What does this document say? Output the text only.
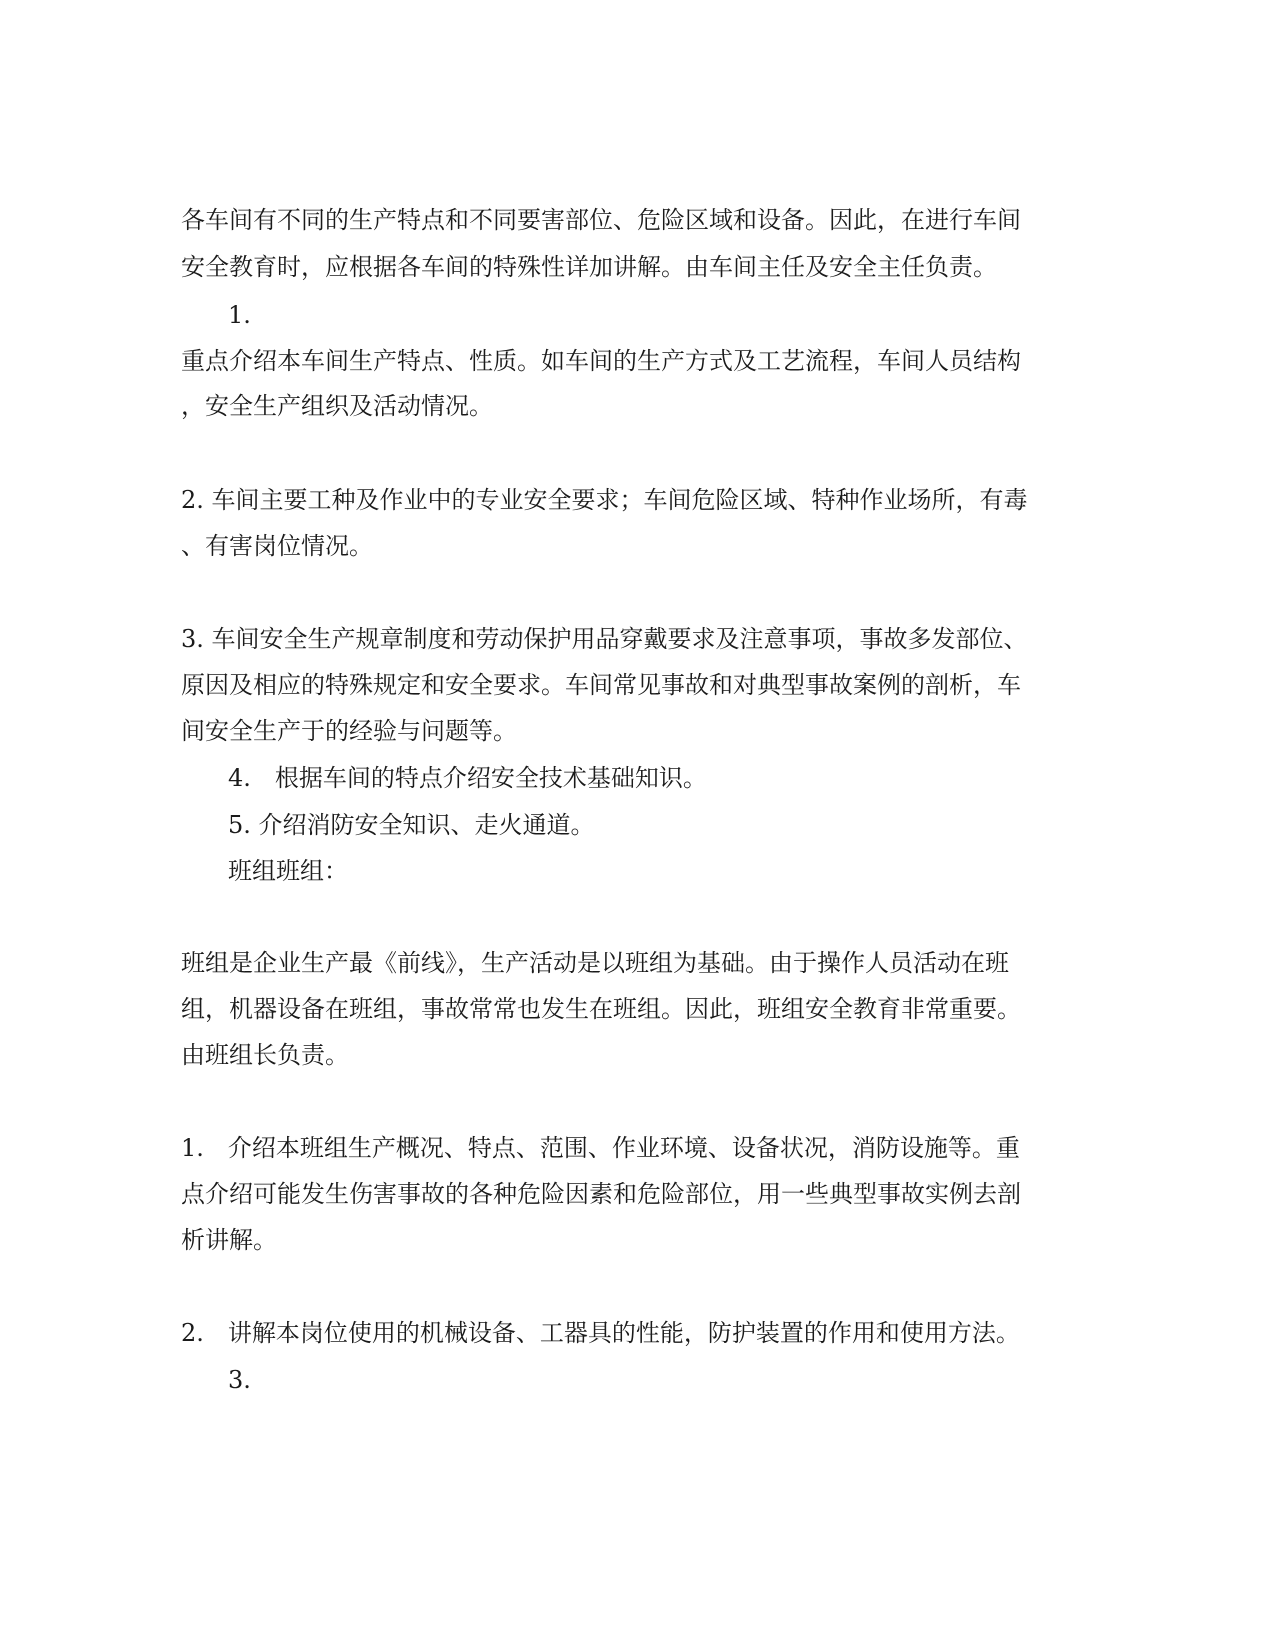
各车间有不同的生产特点和不同要害部位、危险区域和设备。因此，在进行车间
安全教育时，应根据各车间的特殊性详加讲解。由车间主任及安全主任负责。
1.
重点介绍本车间生产特点、性质。如车间的生产方式及工艺流程，车间人员结构
，安全生产组织及活动情况。
2. 车间主要工种及作业中的专业安全要求；车间危险区域、特种作业场所，有毒
、有害岗位情况。
3. 车间安全生产规章制度和劳动保护用品穿戴要求及注意事项，事故多发部位、
原因及相应的特殊规定和安全要求。车间常见事故和对典型事故案例的剖析，车
间安全生产于的经验与问题等。
4.　根据车间的特点介绍安全技术基础知识。
5. 介绍消防安全知识、走火通道。
班组班组：
班组是企业生产最《前线》，生产活动是以班组为基础。由于操作人员活动在班
组，机器设备在班组，事故常常也发生在班组。因此，班组安全教育非常重要。
由班组长负责。
1.　介绍本班组生产概况、特点、范围、作业环境、设备状况，消防设施等。重
点介绍可能发生伤害事故的各种危险因素和危险部位，用一些典型事故实例去剖
析讲解。
2.　讲解本岗位使用的机械设备、工器具的性能，防护装置的作用和使用方法。
3.
